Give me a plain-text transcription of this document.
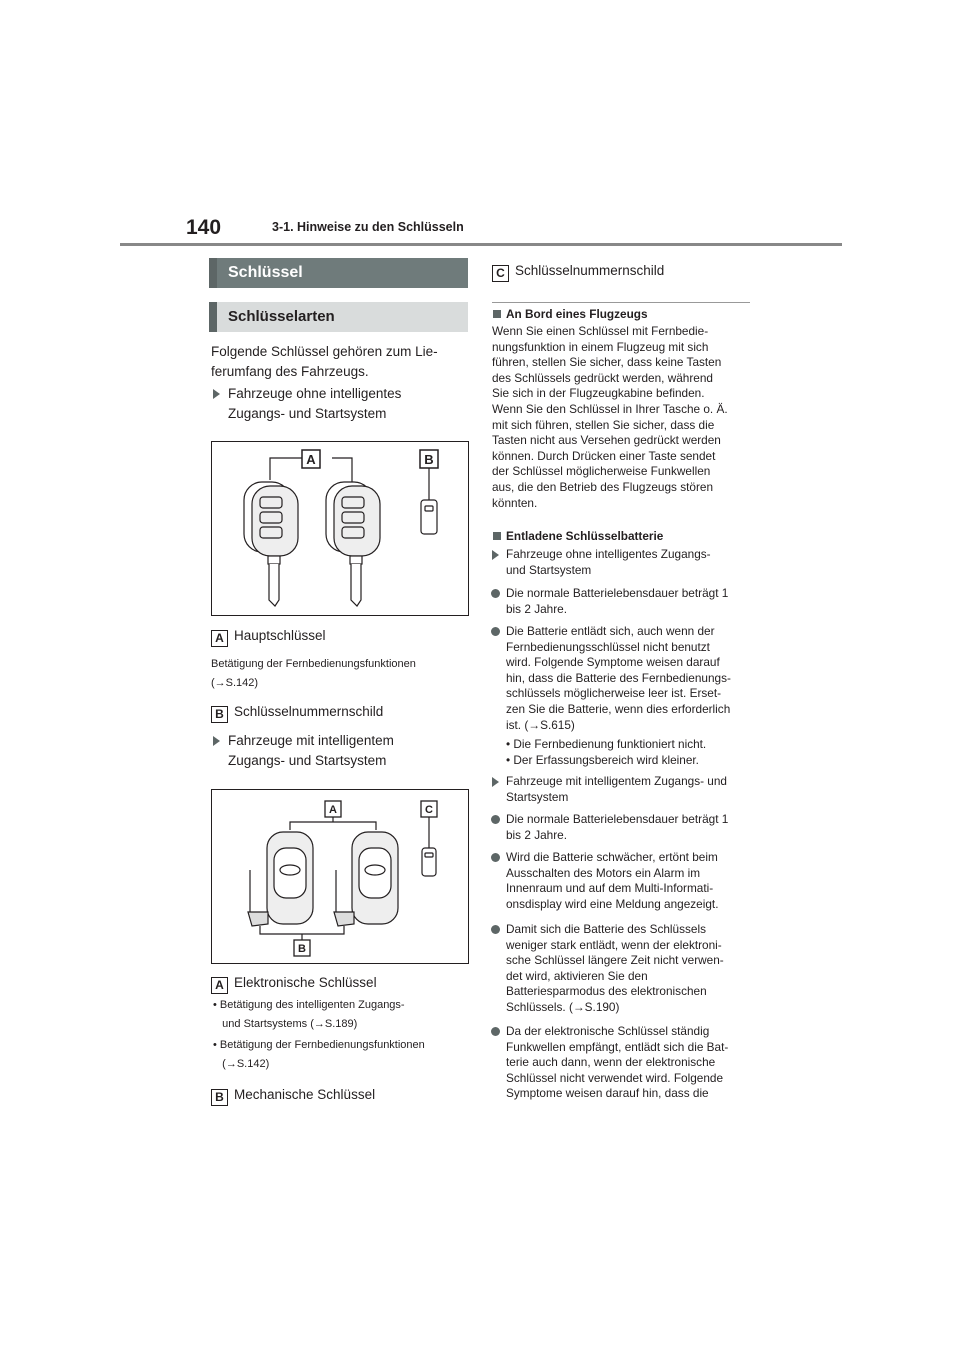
140	3-1. Hinweise zu den Schlüsseln
Schlüssel
Schlüsselarten
Folgende Schlüssel gehören zum Lie-
ferumfang des Fahrzeugs.
Fahrzeuge ohne intelligentes
Zugangs- und Startsystem
A	B
A Hauptschlüssel
Betätigung der Fernbedienungsfunktionen
(→S.142)
B Schlüsselnummernschild
Fahrzeuge mit intelligentem
Zugangs- und Startsystem
A	C
B
A Elektronische Schlüssel
• Betätigung des intelligenten Zugangs-
und Startsystems (→S.189)
• Betätigung der Fernbedienungsfunktionen
(→S.142)
B Mechanische Schlüssel
C Schlüsselnummernschild
An Bord eines Flugzeugs
Wenn Sie einen Schlüssel mit Fernbedie-
nungsfunktion in einem Flugzeug mit sich
führen, stellen Sie sicher, dass keine Tasten
des Schlüssels gedrückt werden, während
Sie sich in der Flugzeugkabine befinden.
Wenn Sie den Schlüssel in Ihrer Tasche o. Ä.
mit sich führen, stellen Sie sicher, dass die
Tasten nicht aus Versehen gedrückt werden
können. Durch Drücken einer Taste sendet
der Schlüssel möglicherweise Funkwellen
aus, die den Betrieb des Flugzeugs stören
könnten.
Entladene Schlüsselbatterie
Fahrzeuge ohne intelligentes Zugangs-
und Startsystem
Die normale Batterielebensdauer beträgt 1
bis 2 Jahre.
Die Batterie entlädt sich, auch wenn der
Fernbedienungsschlüssel nicht benutzt
wird. Folgende Symptome weisen darauf
hin, dass die Batterie des Fernbedienungs-
schlüssels möglicherweise leer ist. Erset-
zen Sie die Batterie, wenn dies erforderlich
ist. (→S.615)
• Die Fernbedienung funktioniert nicht.
• Der Erfassungsbereich wird kleiner.
Fahrzeuge mit intelligentem Zugangs- und
Startsystem
Die normale Batterielebensdauer beträgt 1
bis 2 Jahre.
Wird die Batterie schwächer, ertönt beim
Ausschalten des Motors ein Alarm im
Innenraum und auf dem Multi-Informati-
onsdisplay wird eine Meldung angezeigt.
Damit sich die Batterie des Schlüssels
weniger stark entlädt, wenn der elektroni-
sche Schlüssel längere Zeit nicht verwen-
det wird, aktivieren Sie den
Batteriesparmodus des elektronischen
Schlüssels. (→S.190)
Da der elektronische Schlüssel ständig
Funkwellen empfängt, entlädt sich die Bat-
terie auch dann, wenn der elektronische
Schlüssel nicht verwendet wird. Folgende
Symptome weisen darauf hin, dass die
